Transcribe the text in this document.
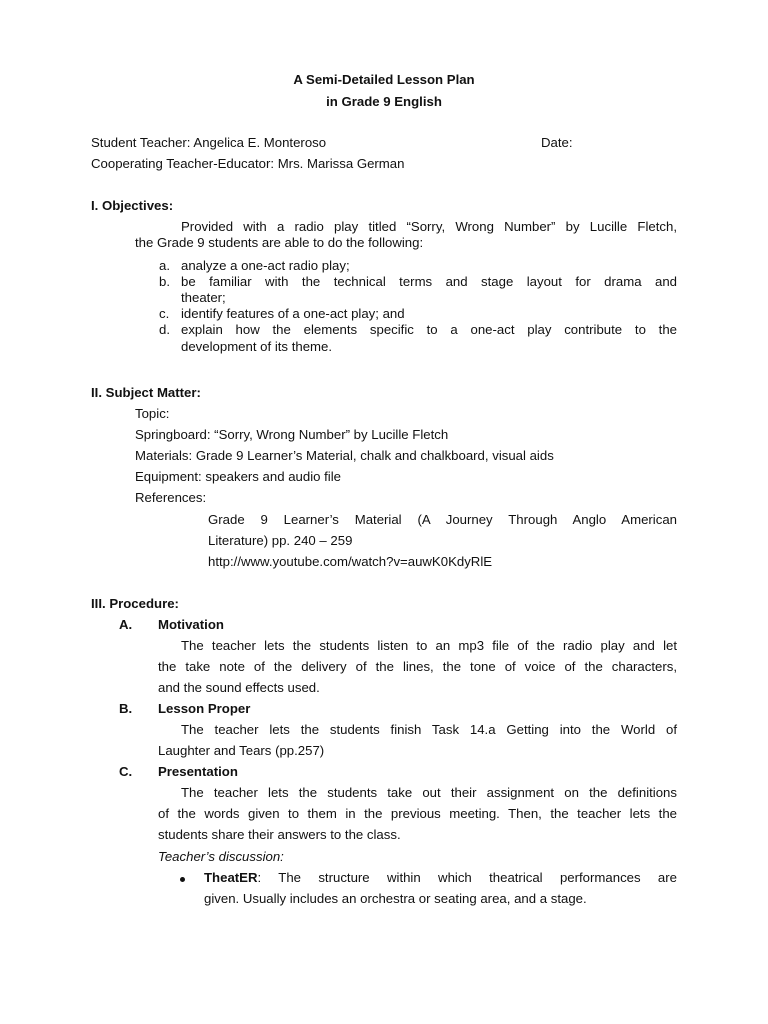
A Semi-Detailed Lesson Plan
in Grade 9 English
Student Teacher: Angelica E. Monteroso	Date:
Cooperating Teacher-Educator: Mrs. Marissa German
I. Objectives:
Provided with a radio play titled “Sorry, Wrong Number” by Lucille Fletch,
the Grade 9 students are able to do the following:
a. analyze a one-act radio play;
b. be familiar with the technical terms and stage layout for drama and
theater;
c. identify features of a one-act play; and
d. explain how the elements specific to a one-act play contribute to the
development of its theme.
II. Subject Matter:
Topic:
Springboard: “Sorry, Wrong Number” by Lucille Fletch
Materials: Grade 9 Learner’s Material, chalk and chalkboard, visual aids
Equipment: speakers and audio file
References:
Grade 9 Learner’s Material (A Journey Through Anglo American
Literature) pp. 240 – 259
http://www.youtube.com/watch?v=auwK0KdyRlE
III. Procedure:
A. Motivation
The teacher lets the students listen to an mp3 file of the radio play and let
the take note of the delivery of the lines, the tone of voice of the characters,
and the sound effects used.
B. Lesson Proper
The teacher lets the students finish Task 14.a Getting into the World of
Laughter and Tears (pp.257)
C. Presentation
The teacher lets the students take out their assignment on the definitions
of the words given to them in the previous meeting. Then, the teacher lets the
students share their answers to the class.
Teacher’s discussion:
TheatER: The structure within which theatrical performances are
given. Usually includes an orchestra or seating area, and a stage.
